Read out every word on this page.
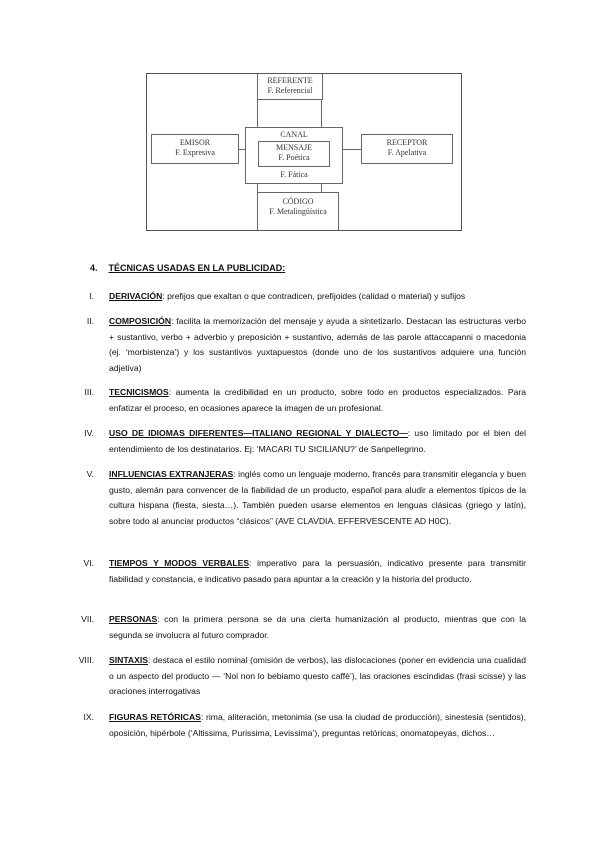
REFERENTE
F. Referencial
EMISOR
F. Expresiva
CANAL
MENSAJE
F. Poética
F. Fática
RECEPTOR
F. Apelativa
CÓDIGO
F. Metalingüística
4. TÉCNICAS USADAS EN LA PUBLICIDAD:
I. DERIVACIÓN: prefijos que exaltan o que contradicen, prefijoides (calidad o material) y sufijos
II. COMPOSICIÓN: facilita la memorización del mensaje y ayuda a sintetizarlo. Destacan las estructuras verbo + sustantivo, verbo + adverbio y preposición + sustantivo, además de las parole attaccapanni o macedonia (ej. ‘morbistenza’) y los sustantivos yuxtapuestos (donde uno de los sustantivos adquiere una función adjetiva)
III. TECNICISMOS: aumenta la credibilidad en un producto, sobre todo en productos especializados. Para enfatizar el proceso, en ocasiones aparece la imagen de un profesional.
IV. USO DE IDIOMAS DIFERENTES—ITALIANO REGIONAL Y DIALECTO—: uso limitado por el bien del entendimiento de los destinatarios. Ej: ‘MACARI TU SICILIANU?’ de Sanpellegrino.
V. INFLUENCIAS EXTRANJERAS: inglés como un lenguaje moderno, francés para transmitir elegancia y buen gusto, alemán para convencer de la fiabilidad de un producto, español para aludir a elementos típicos de la cultura hispana (fiesta, siesta…). También pueden usarse elementos en lenguas clásicas (griego y latín), sobre todo al anunciar productos “clásicos” (AVE CLAVDIA. EFFERVESCENTE AD H0C).
VI. TIEMPOS Y MODOS VERBALES: imperativo para la persuasión, indicativo presente para transmitir fiabilidad y constancia, e indicativo pasado para apuntar a la creación y la historia del producto.
VII. PERSONAS: con la primera persona se da una cierta humanización al producto, mientras que con la segunda se involucra al futuro comprador.
VIII. SINTAXIS: destaca el estilo nominal (omisión de verbos), las dislocaciones (poner en evidencia una cualidad o un aspecto del producto — ‘Noi non lo bebiamo questo caffè’), las oraciones escindidas (frasi scisse) y las oraciones interrogativas
IX. FIGURAS RETÓRICAS: rima, aliteración, metonimia (se usa la ciudad de producción), sinestesia (sentidos), oposición, hipérbole (‘Altissima, Purissima, Levissima’), preguntas retóricas, onomatopeyas, dichos…
